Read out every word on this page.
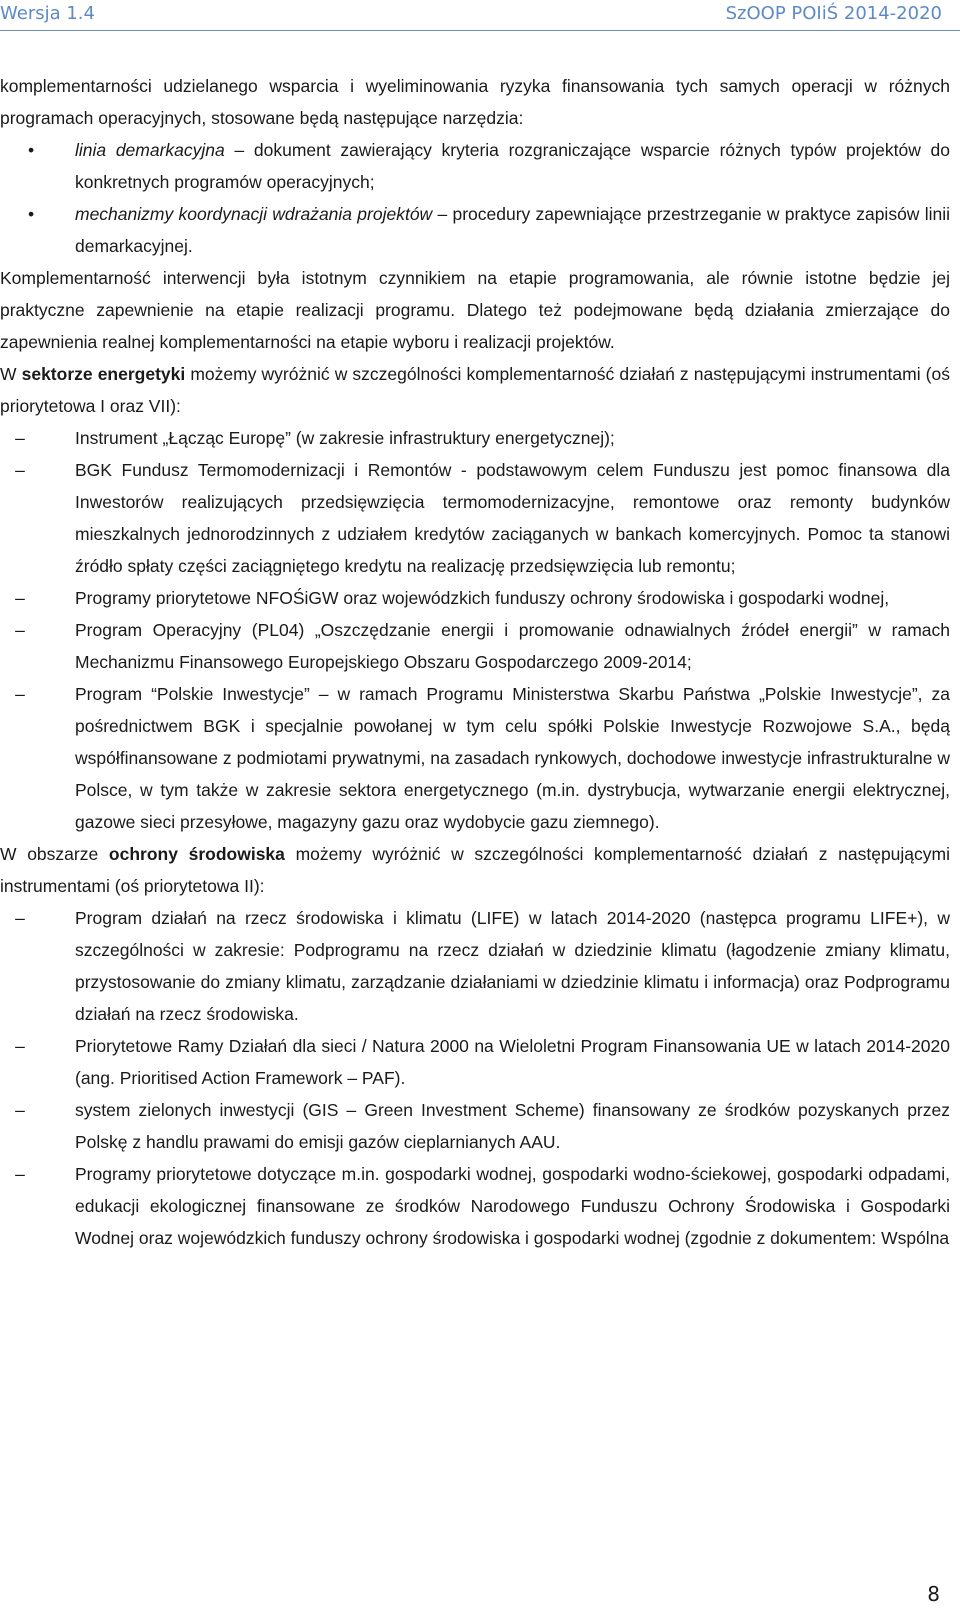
Wersja 1.4	SzOOP POIiŚ 2014-2020

komplementarności udzielanego wsparcia i wyeliminowania ryzyka finansowania tych samych operacji w różnych programach operacyjnych, stosowane będą następujące narzędzia:

• linia demarkacyjna – dokument zawierający kryteria rozgraniczające wsparcie różnych typów projektów do konkretnych programów operacyjnych;
• mechanizmy koordynacji wdrażania projektów – procedury zapewniające przestrzeganie w praktyce zapisów linii demarkacyjnej.

Komplementarność interwencji była istotnym czynnikiem na etapie programowania, ale równie istotne będzie jej praktyczne zapewnienie na etapie realizacji programu. Dlatego też podejmowane będą działania zmierzające do zapewnienia realnej komplementarności na etapie wyboru i realizacji projektów.

W sektorze energetyki możemy wyróżnić w szczególności komplementarność działań z następującymi instrumentami (oś priorytetowa I oraz VII):

–	Instrument „Łącząc Europę” (w zakresie infrastruktury energetycznej);
–	BGK Fundusz Termomodernizacji i Remontów - podstawowym celem Funduszu jest pomoc finansowa dla Inwestorów realizujących przedsięwzięcia termomodernizacyjne, remontowe oraz remonty budynków mieszkalnych jednorodzinnych z udziałem kredytów zaciąganych w bankach komercyjnych. Pomoc ta stanowi źródło spłaty części zaciągniętego kredytu na realizację przedsięwzięcia lub remontu;
–	Programy priorytetowe NFOŚiGW oraz wojewódzkich funduszy ochrony środowiska i gospodarki wodnej,
–	Program Operacyjny (PL04) „Oszczędzanie energii i promowanie odnawialnych źródeł energii” w ramach Mechanizmu Finansowego Europejskiego Obszaru Gospodarczego 2009-2014;
–	Program “Polskie Inwestycje” – w ramach Programu Ministerstwa Skarbu Państwa „Polskie Inwestycje”, za pośrednictwem BGK i specjalnie powołanej w tym celu spółki Polskie Inwestycje Rozwojowe S.A., będą współfinansowane z podmiotami prywatnymi, na zasadach rynkowych, dochodowe inwestycje infrastrukturalne w Polsce, w tym także w zakresie sektora energetycznego (m.in. dystrybucja, wytwarzanie energii elektrycznej, gazowe sieci przesyłowe, magazyny gazu oraz wydobycie gazu ziemnego).

W obszarze ochrony środowiska możemy wyróżnić w szczególności komplementarność działań z następującymi instrumentami (oś priorytetowa II):

–	Program działań na rzecz środowiska i klimatu (LIFE) w latach 2014-2020 (następca programu LIFE+), w szczególności w zakresie: Podprogramu na rzecz działań w dziedzinie klimatu (łagodzenie zmiany klimatu, przystosowanie do zmiany klimatu, zarządzanie działaniami w dziedzinie klimatu i informacja) oraz Podprogramu działań na rzecz środowiska.
–	Priorytetowe Ramy Działań dla sieci / Natura 2000 na Wieloletni Program Finansowania UE w latach 2014-2020 (ang. Prioritised Action Framework – PAF).
–	system zielonych inwestycji (GIS – Green Investment Scheme) finansowany ze środków pozyskanych przez Polskę z handlu prawami do emisji gazów cieplarnianych AAU.
–	Programy priorytetowe dotyczące m.in. gospodarki wodnej, gospodarki wodno-ściekowej, gospodarki odpadami, edukacji ekologicznej finansowane ze środków Narodowego Funduszu Ochrony Środowiska i Gospodarki Wodnej oraz wojewódzkich funduszy ochrony środowiska i gospodarki wodnej (zgodnie z dokumentem: Wspólna
8
